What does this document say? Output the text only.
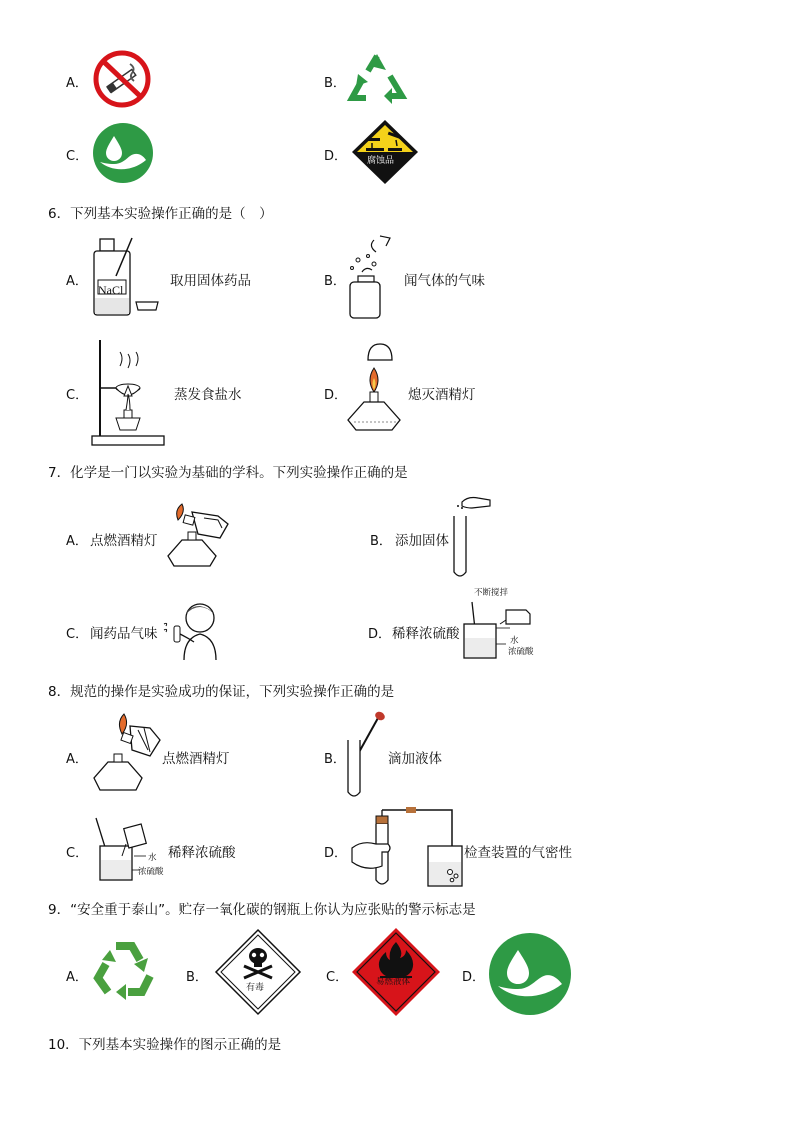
A．	B．
C．	D． 腐蚀品
6．下列基本实验操作正确的是（　）
A．
NaCl
取用固体药品	B．	闻气体的气味
C．	蒸发食盐水	D．	熄灭酒精灯
7．化学是一门以实验为基础的学科。下列实验操作正确的是
A． 点燃酒精灯	B． 添加固体
C． 闻药品气味	D． 稀释浓硫酸
不断搅拌
水
浓硫酸
8．规范的操作是实验成功的保证，下列实验操作正确的是
A．	点燃酒精灯	B．	滴加液体
C．	水
浓硫酸
稀释浓硫酸	D．	检查装置的气密性
9．“安全重于泰山”。贮存一氧化碳的钢瓶上你认为应张贴的警示标志是
A．	B．
有毒
C．	易燃液体	D．
10．下列基本实验操作的图示正确的是
